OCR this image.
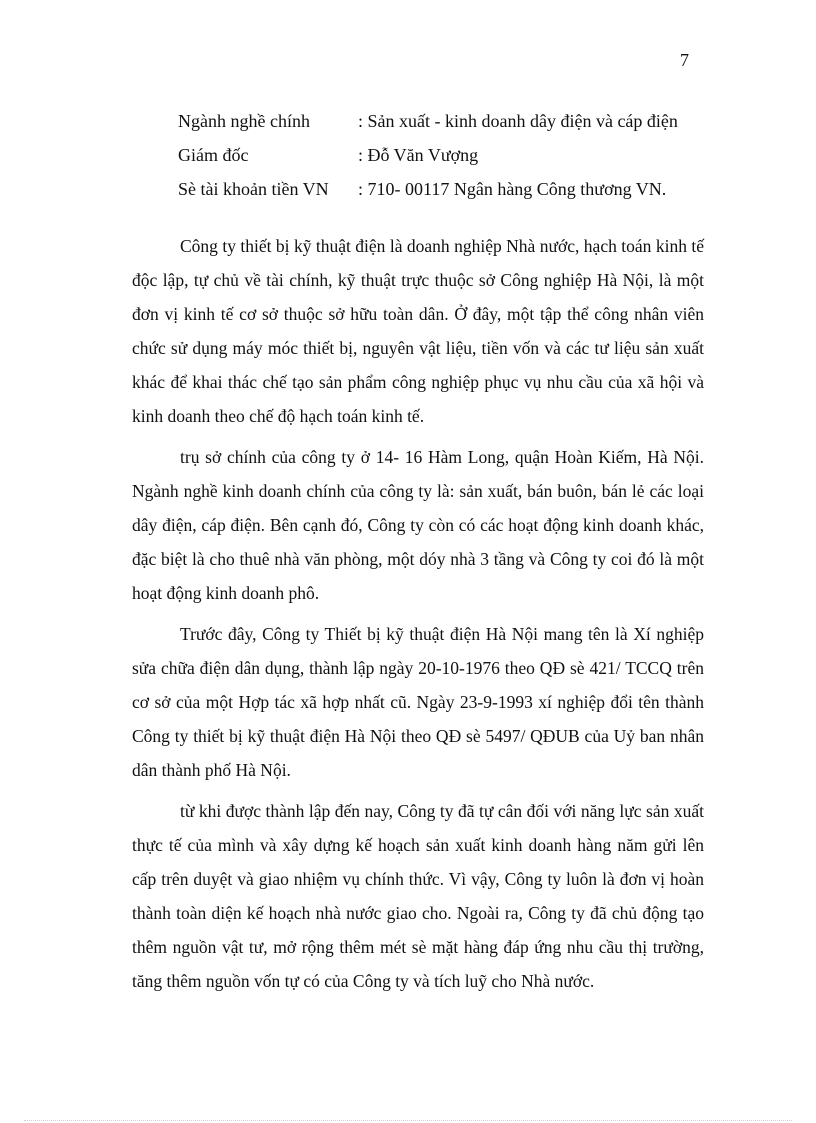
7
Ngành nghề chính	: Sản xuất - kinh doanh dây điện và cáp điện
Giám đốc	: Đỗ Văn Vượng
Sè tài khoản tiền VN	: 710- 00117 Ngân hàng Công thương VN.

Công ty thiết bị kỹ thuật điện là doanh nghiệp Nhà nước, hạch toán kinh tế độc lập, tự chủ về tài chính, kỹ thuật trực thuộc sở Công nghiệp Hà Nội, là một đơn vị kinh tế cơ sở thuộc sở hữu toàn dân. Ở đây, một tập thể công nhân viên chức sử dụng máy móc thiết bị, nguyên vật liệu, tiền vốn và các tư liệu sản xuất khác để khai thác chế tạo sản phẩm công nghiệp phục vụ nhu cầu của xã hội và kinh doanh theo chế độ hạch toán kinh tế.

trụ sở chính của công ty ở 14- 16 Hàm Long, quận Hoàn Kiếm, Hà Nội. Ngành nghề kinh doanh chính của công ty là: sản xuất, bán buôn, bán lẻ các loại dây điện, cáp điện. Bên cạnh đó, Công ty còn có các hoạt động kinh doanh khác, đặc biệt là cho thuê nhà văn phòng, một dóy nhà 3 tầng và Công ty coi đó là một hoạt động kinh doanh phô.

Trước đây, Công ty Thiết bị kỹ thuật điện Hà Nội mang tên là Xí nghiệp sửa chữa điện dân dụng, thành lập ngày 20-10-1976 theo QĐ sè 421/ TCCQ trên cơ sở của một Hợp tác xã hợp nhất cũ. Ngày 23-9-1993 xí nghiệp đổi tên thành Công ty thiết bị kỹ thuật điện Hà Nội theo QĐ sè 5497/ QĐUB của Uỷ ban nhân dân thành phố Hà Nội.

từ khi được thành lập đến nay, Công ty đã tự cân đối với năng lực sản xuất thực tế của mình và xây dựng kế hoạch sản xuất kinh doanh hàng năm gửi lên cấp trên duyệt và giao nhiệm vụ chính thức. Vì vậy, Công ty luôn là đơn vị hoàn thành toàn diện kế hoạch nhà nước giao cho. Ngoài ra, Công ty đã chủ động tạo thêm nguồn vật tư, mở rộng thêm mét sè mặt hàng đáp ứng nhu cầu thị trường, tăng thêm nguồn vốn tự có của Công ty và tích luỹ cho Nhà nước.
